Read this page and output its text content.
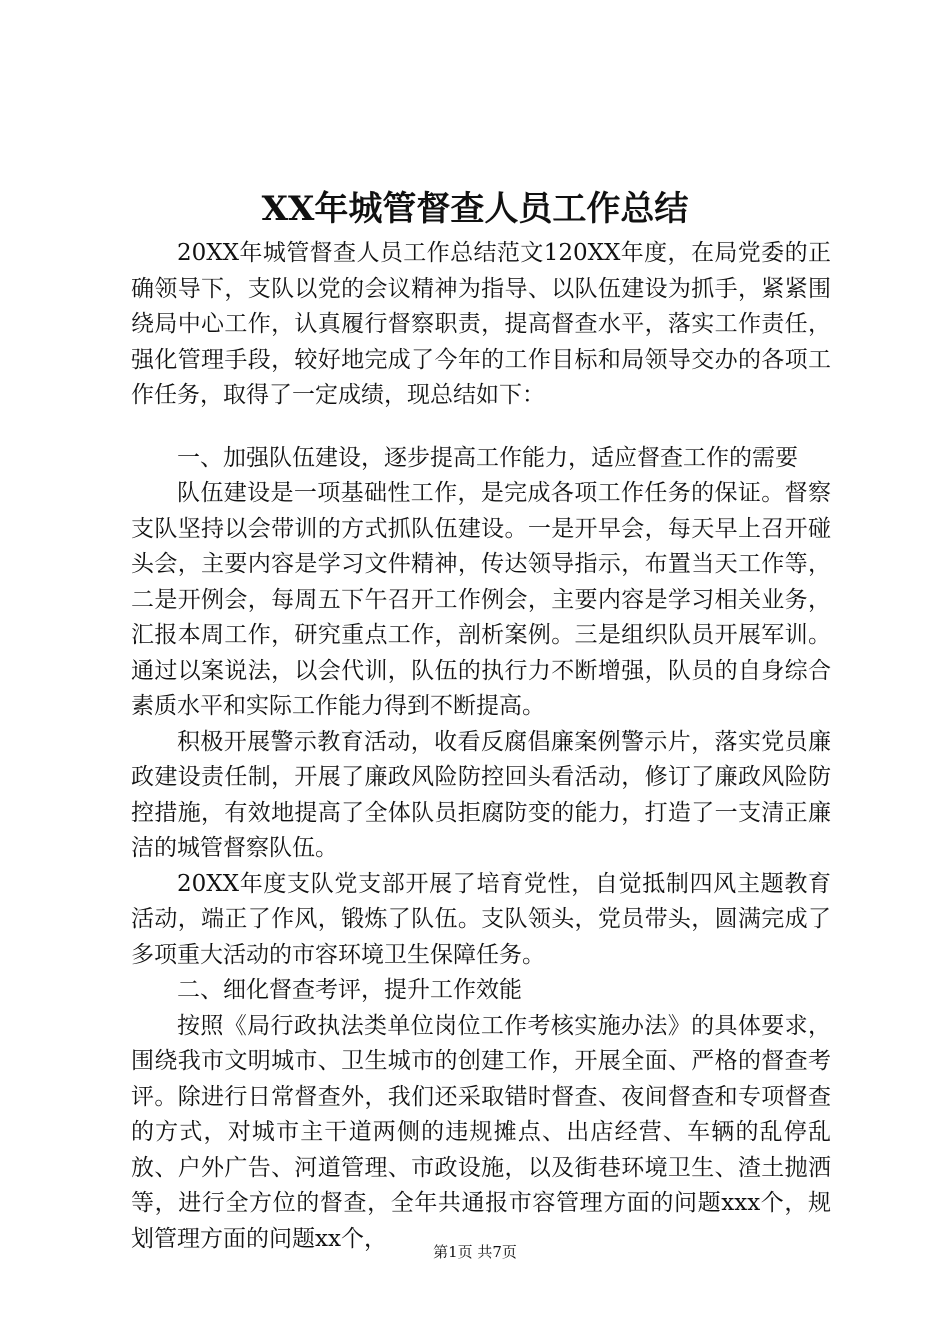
XX年城管督查人员工作总结

20XX年城管督查人员工作总结范文120XX年度，在局党委的正确领导下，支队以党的会议精神为指导、以队伍建设为抓手，紧紧围绕局中心工作，认真履行督察职责，提高督查水平，落实工作责任，强化管理手段，较好地完成了今年的工作目标和局领导交办的各项工作任务，取得了一定成绩，现总结如下：

一、加强队伍建设，逐步提高工作能力，适应督查工作的需要

队伍建设是一项基础性工作，是完成各项工作任务的保证。督察支队坚持以会带训的方式抓队伍建设。一是开早会，每天早上召开碰头会，主要内容是学习文件精神，传达领导指示，布置当天工作等，二是开例会，每周五下午召开工作例会，主要内容是学习相关业务，汇报本周工作，研究重点工作，剖析案例。三是组织队员开展军训。通过以案说法，以会代训，队伍的执行力不断增强，队员的自身综合素质水平和实际工作能力得到不断提高。

积极开展警示教育活动，收看反腐倡廉案例警示片，落实党员廉政建设责任制，开展了廉政风险防控回头看活动，修订了廉政风险防控措施，有效地提高了全体队员拒腐防变的能力，打造了一支清正廉洁的城管督察队伍。

20XX年度支队党支部开展了培育党性，自觉抵制四风主题教育活动，端正了作风，锻炼了队伍。支队领头，党员带头，圆满完成了多项重大活动的市容环境卫生保障任务。

二、细化督查考评，提升工作效能

按照《局行政执法类单位岗位工作考核实施办法》的具体要求，围绕我市文明城市、卫生城市的创建工作，开展全面、严格的督查考评。除进行日常督查外，我们还采取错时督查、夜间督查和专项督查的方式，对城市主干道两侧的违规摊点、出店经营、车辆的乱停乱放、户外广告、河道管理、市政设施，以及街巷环境卫生、渣土抛洒等，进行全方位的督查，全年共通报市容管理方面的问题xxx个，规划管理方面的问题xx个，

第1页 共7页
